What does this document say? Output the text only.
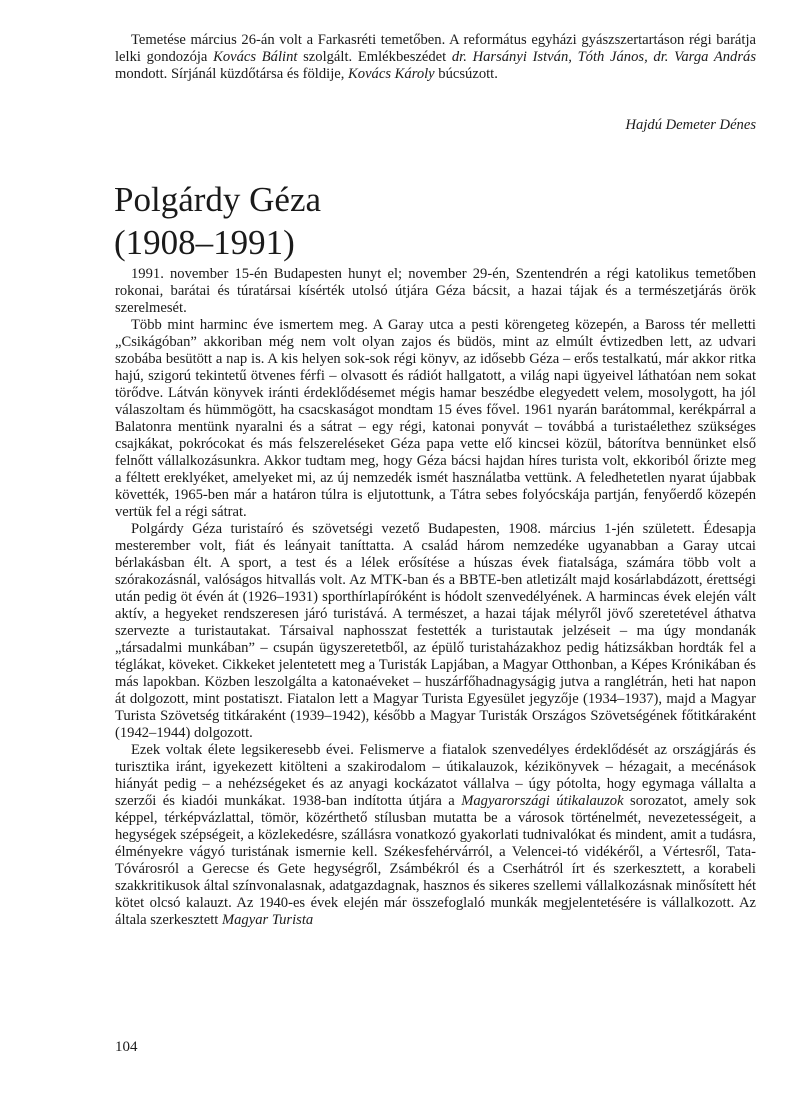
Temetése március 26-án volt a Farkasréti temetőben. A református egyházi gyászszertartáson régi barátja lelki gondozója Kovács Bálint szolgált. Emlékbeszédet dr. Harsányi István, Tóth János, dr. Varga András mondott. Sírjánál küzdőtársa és földije, Kovács Károly búcsúzott.

Hajdú Demeter Dénes
Polgárdy Géza
(1908–1991)

1991. november 15-én Budapesten hunyt el; november 29-én, Szentendrén a régi katolikus temetőben rokonai, barátai és túratársai kísérték utolsó útjára Géza bácsit, a hazai tájak és a természetjárás örök szerelmesét.

Több mint harminc éve ismertem meg. A Garay utca a pesti körengeteg közepén, a Baross tér melletti „Csikágóban” akkoriban még nem volt olyan zajos és büdös, mint az elmúlt évtizedben lett, az udvari szobába besütött a nap is. A kis helyen sok-sok régi könyv, az idősebb Géza – erős testalkatú, már akkor ritka hajú, szigorú tekintetű ötvenes férfi – olvasott és rádiót hallgatott, a világ napi ügyeivel láthatóan nem sokat törődve. Látván könyvek iránti érdeklődésemet mégis hamar beszédbe elegyedett velem, mosolygott, ha jól válaszoltam és hümmögött, ha csacskaságot mondtam 15 éves fővel. 1961 nyarán barátommal, kerékpárral a Balatonra mentünk nyaralni és a sátrat – egy régi, katonai ponyvát – továbbá a turistaélethez szükséges csajkákat, pokrócokat és más felszereléseket Géza papa vette elő kincsei közül, bátorítva bennünket első felnőtt vállalkozásunkra. Akkor tudtam meg, hogy Géza bácsi hajdan híres turista volt, ekkoriból őrizte meg a féltett ereklyéket, amelyeket mi, az új nemzedék ismét használatba vettünk. A feledhetetlen nyarat újabbak követték, 1965-ben már a határon túlra is eljutottunk, a Tátra sebes folyócskája partján, fenyőerdő közepén vertük fel a régi sátrat.

Polgárdy Géza turistaíró és szövetségi vezető Budapesten, 1908. március 1-jén született. Édesapja mesterember volt, fiát és leányait taníttatta. A család három nemzedéke ugyanabban a Garay utcai bérlakásban élt. A sport, a test és a lélek erősítése a húszas évek fiatalsága, számára több volt a szórakozásnál, valóságos hitvallás volt. Az MTK-ban és a BBTE-ben atletizált majd kosárlabdázott, érettségi után pedig öt évén át (1926–1931) sporthírlapíróként is hódolt szenvedélyének. A harmincas évek elején vált aktív, a hegyeket rendszeresen járó turistává. A természet, a hazai tájak mélyről jövő szeretetével áthatva szervezte a turistautakat. Társaival naphosszat festették a turistautak jelzéseit – ma úgy mondanák „társadalmi munkában” – csupán ügyszeretetből, az épülő turistaházakhoz pedig hátizsákban hordták fel a téglákat, köveket. Cikkeket jelentetett meg a Turisták Lapjában, a Magyar Otthonban, a Képes Krónikában és más lapokban. Közben leszolgálta a katonaéveket – huszárfőhadnagyságig jutva a ranglétrán, heti hat napon át dolgozott, mint postatiszt. Fiatalon lett a Magyar Turista Egyesület jegyzője (1934–1937), majd a Magyar Turista Szövetség titkáraként (1939–1942), később a Magyar Turisták Országos Szövetségének főtitkáraként (1942–1944) dolgozott.

Ezek voltak élete legsikeresebb évei. Felismerve a fiatalok szenvedélyes érdeklődését az országjárás és turisztika iránt, igyekezett kitölteni a szakirodalom – útikalauzok, kézikönyvek – hézagait, a mecénások hiányát pedig – a nehézségeket és az anyagi kockázatot vállalva – úgy pótolta, hogy egymaga vállalta a szerzői és kiadói munkákat. 1938-ban indította útjára a Magyarországi útikalauzok sorozatot, amely sok képpel, térképvázlattal, tömör, közérthető stílusban mutatta be a városok történelmét, nevezetességeit, a hegységek szépségeit, a közlekedésre, szállásra vonatkozó gyakorlati tudnivalókat és mindent, amit a tudásra, élményekre vágyó turistának ismernie kell. Székesfehérvárról, a Velencei-tó vidékéről, a Vértesről, Tata-Tóvárosról a Gerecse és Gete hegységről, Zsámbékról és a Cserhátról írt és szerkesztett, a korabeli szakkritikusok által színvonalasnak, adatgazdagnak, hasznos és sikeres szellemi vállalkozásnak minősített hét kötet olcsó kalauzt. Az 1940-es évek elején már összefoglaló munkák megjelentetésére is vállalkozott. Az általa szerkesztett Magyar Turista

104
